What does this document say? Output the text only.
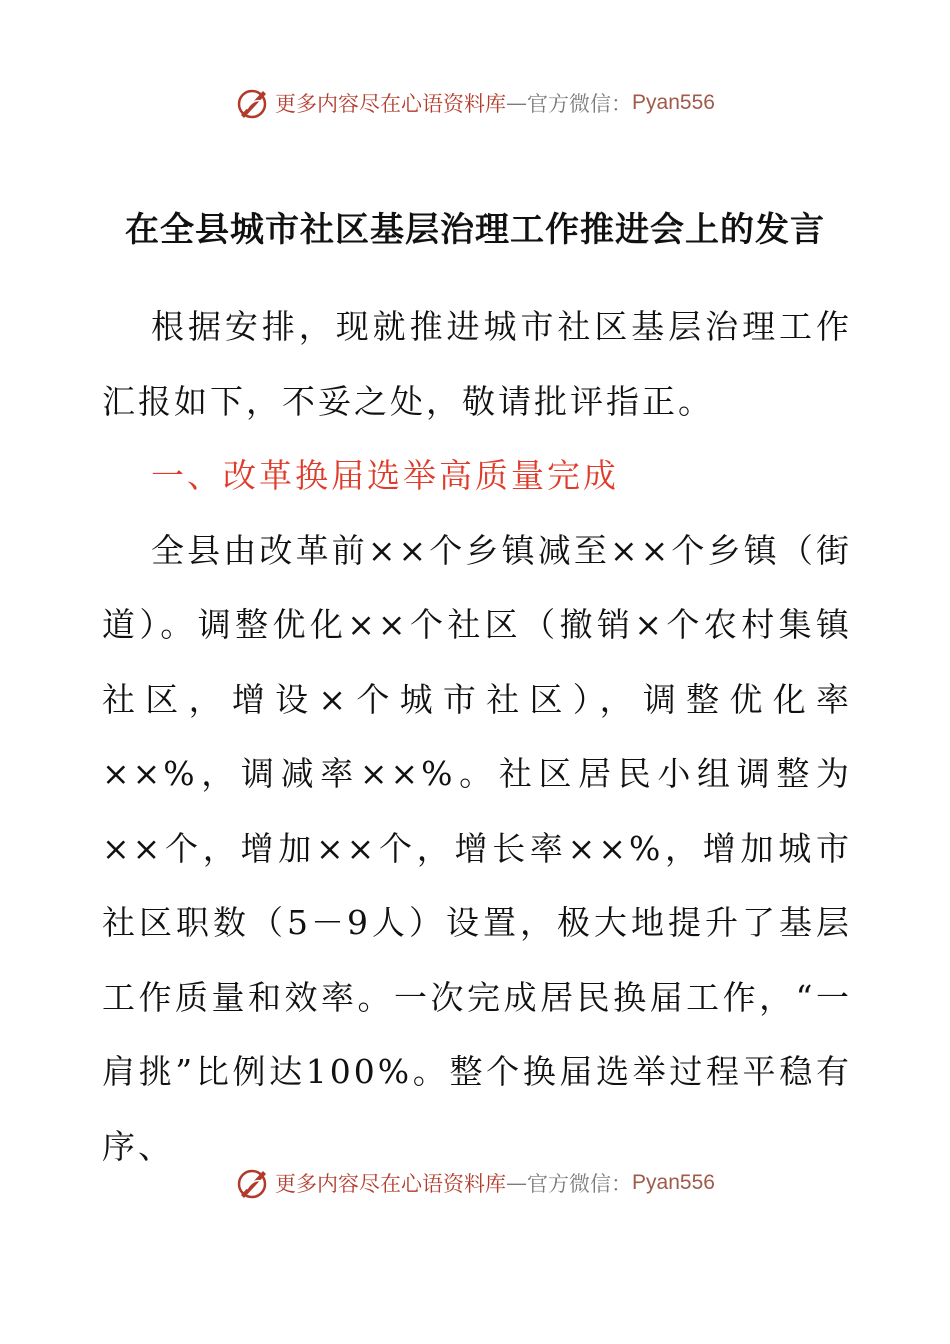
更多内容尽在心语资料库 — 官方微信： Pyan556
在全县城市社区基层治理工作推进会上的发言

根据安排，现就推进城市社区基层治理工作汇报如下，不妥之处，敬请批评指正。

一、改革换届选举高质量完成

全县由改革前××个乡镇减至××个乡镇（街道）。调整优化××个社区（撤销×个农村集镇社区，增设×个城市社区），调整优化率××%，调减率××%。社区居民小组调整为××个，增加××个，增长率××%，增加城市社区职数（5－9人）设置，极大地提升了基层工作质量和效率。一次完成居民换届工作，“一肩挑”比例达100%。整个换届选举过程平稳有序、

更多内容尽在心语资料库 — 官方微信： Pyan556
